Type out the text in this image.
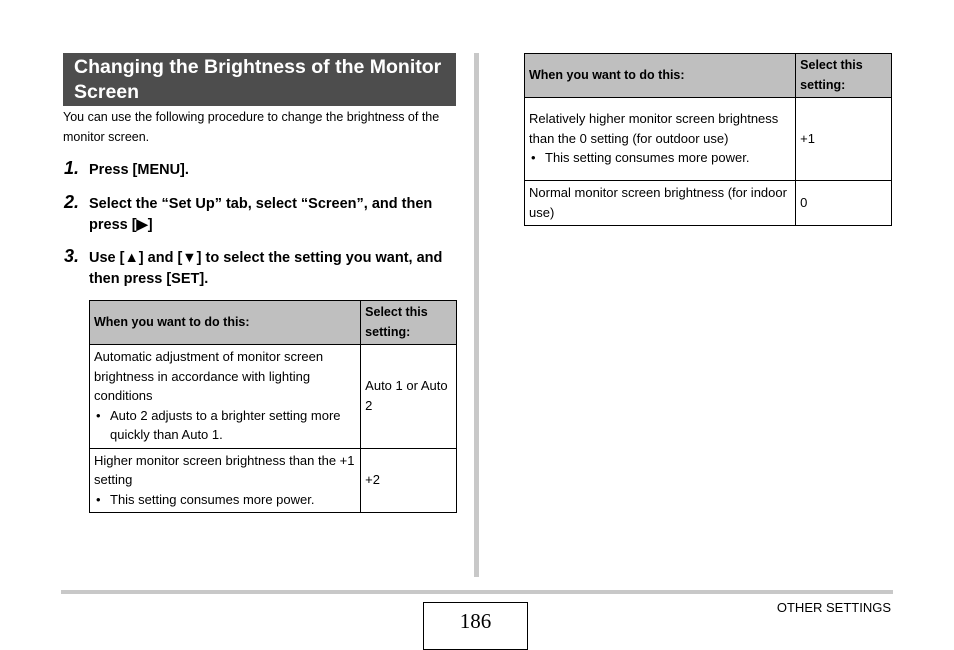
Changing the Brightness of the Monitor Screen
You can use the following procedure to change the brightness of the monitor screen.
1. Press [MENU].
2. Select the “Set Up” tab, select “Screen”, and then press [▶]
3. Use [▲] and [▼] to select the setting you want, and then press [SET].
When you want to do this:	Select this setting:

Automatic adjustment of monitor screen brightness in accordance with lighting conditions
• Auto 2 adjusts to a brighter setting more quickly than Auto 1.	Auto 1 or Auto 2

Higher monitor screen brightness than the +1 setting
• This setting consumes more power.	+2
When you want to do this:	Select this setting:

Relatively higher monitor screen brightness than the 0 setting (for outdoor use)
• This setting consumes more power.	+1

Normal monitor screen brightness (for indoor use)	0
186
OTHER SETTINGS
